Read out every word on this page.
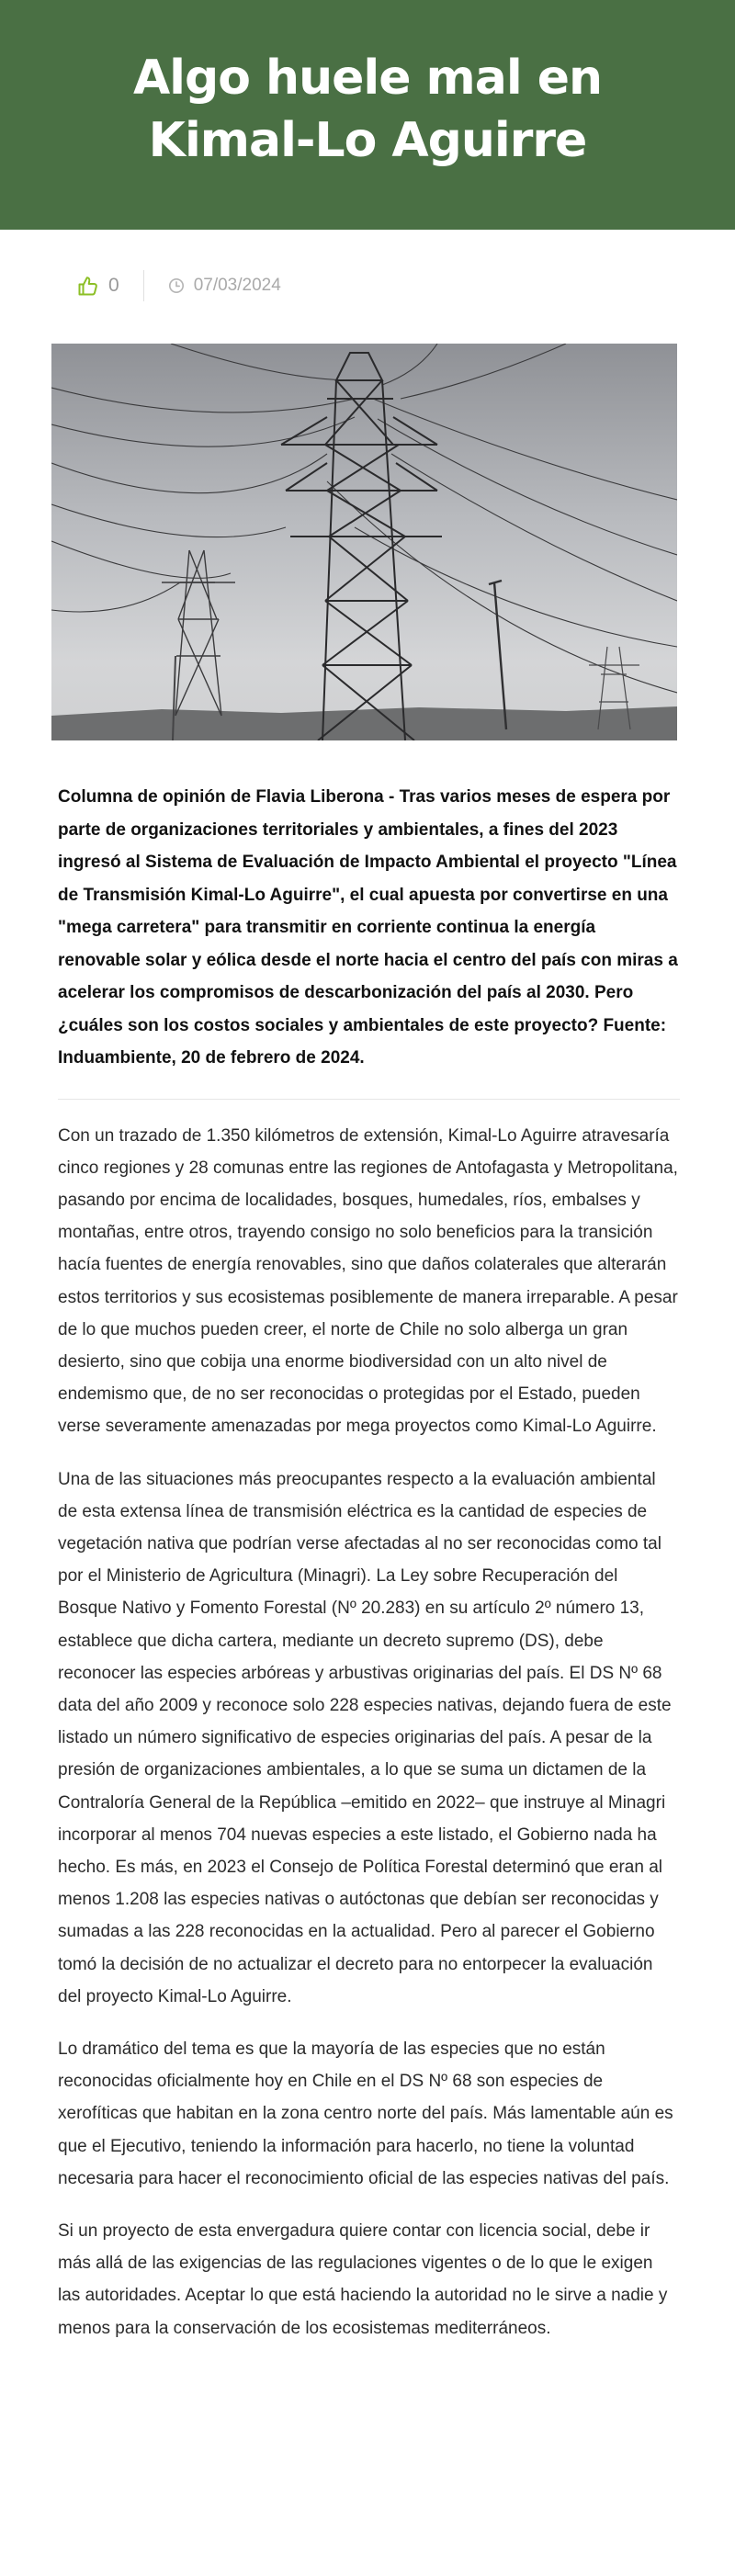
Algo huele mal en Kimal-Lo Aguirre
0	07/03/2024

Columna de opinión de Flavia Liberona - Tras varios meses de espera por parte de organizaciones territoriales y ambientales, a fines del 2023 ingresó al Sistema de Evaluación de Impacto Ambiental el proyecto "Línea de Transmisión Kimal-Lo Aguirre", el cual apuesta por convertirse en una "mega carretera" para transmitir en corriente continua la energía renovable solar y eólica desde el norte hacia el centro del país con miras a acelerar los compromisos de descarbonización del país al 2030. Pero ¿cuáles son los costos sociales y ambientales de este proyecto? Fuente: Induambiente, 20 de febrero de 2024.

Con un trazado de 1.350 kilómetros de extensión, Kimal-Lo Aguirre atravesaría cinco regiones y 28 comunas entre las regiones de Antofagasta y Metropolitana, pasando por encima de localidades, bosques, humedales, ríos, embalses y montañas, entre otros, trayendo consigo no solo beneficios para la transición hacía fuentes de energía renovables, sino que daños colaterales que alterarán estos territorios y sus ecosistemas posiblemente de manera irreparable. A pesar de lo que muchos pueden creer, el norte de Chile no solo alberga un gran desierto, sino que cobija una enorme biodiversidad con un alto nivel de endemismo que, de no ser reconocidas o protegidas por el Estado, pueden verse severamente amenazadas por mega proyectos como Kimal-Lo Aguirre.

Una de las situaciones más preocupantes respecto a la evaluación ambiental de esta extensa línea de transmisión eléctrica es la cantidad de especies de vegetación nativa que podrían verse afectadas al no ser reconocidas como tal por el Ministerio de Agricultura (Minagri). La Ley sobre Recuperación del Bosque Nativo y Fomento Forestal (Nº 20.283) en su artículo 2º número 13, establece que dicha cartera, mediante un decreto supremo (DS), debe reconocer las especies arbóreas y arbustivas originarias del país. El DS Nº 68 data del año 2009 y reconoce solo 228 especies nativas, dejando fuera de este listado un número significativo de especies originarias del país. A pesar de la presión de organizaciones ambientales, a lo que se suma un dictamen de la Contraloría General de la República –emitido en 2022– que instruye al Minagri incorporar al menos 704 nuevas especies a este listado, el Gobierno nada ha hecho. Es más, en 2023 el Consejo de Política Forestal determinó que eran al menos 1.208 las especies nativas o autóctonas que debían ser reconocidas y sumadas a las 228 reconocidas en la actualidad. Pero al parecer el Gobierno tomó la decisión de no actualizar el decreto para no entorpecer la evaluación del proyecto Kimal-Lo Aguirre.

Lo dramático del tema es que la mayoría de las especies que no están reconocidas oficialmente hoy en Chile en el DS Nº 68 son especies de xerofíticas que habitan en la zona centro norte del país. Más lamentable aún es que el Ejecutivo, teniendo la información para hacerlo, no tiene la voluntad necesaria para hacer el reconocimiento oficial de las especies nativas del país.

Si un proyecto de esta envergadura quiere contar con licencia social, debe ir más allá de las exigencias de las regulaciones vigentes o de lo que le exigen las autoridades. Aceptar lo que está haciendo la autoridad no le sirve a nadie y menos para la conservación de los ecosistemas mediterráneos.
